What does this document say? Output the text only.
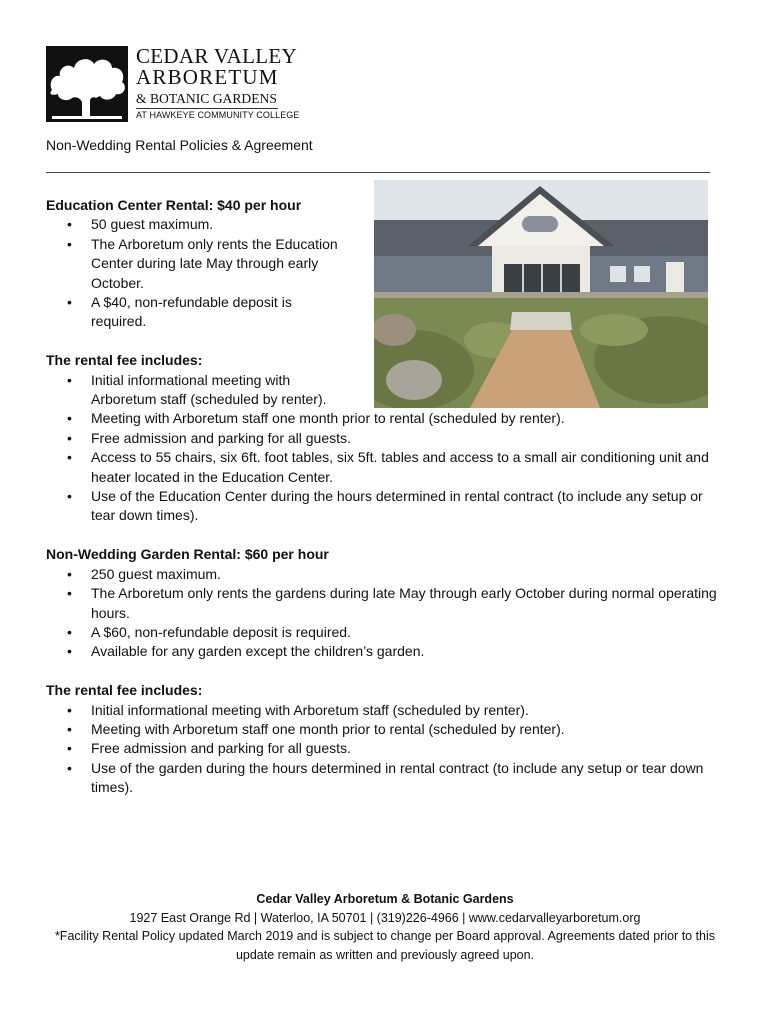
CEDAR VALLEY
ARBORETUM
& BOTANIC GARDENS
AT HAWKEYE COMMUNITY COLLEGE
Non-Wedding Rental Policies & Agreement
Education Center Rental: $40 per hour
• 50 guest maximum.
• The Arboretum only rents the Education Center during late May through early October.
• A $40, non-refundable deposit is required.
The rental fee includes:
• Initial informational meeting with Arboretum staff (scheduled by renter).
• Meeting with Arboretum staff one month prior to rental (scheduled by renter).
• Free admission and parking for all guests.
• Access to 55 chairs, six 6ft. foot tables, six 5ft. tables and access to a small air conditioning unit and heater located in the Education Center.
• Use of the Education Center during the hours determined in rental contract (to include any setup or tear down times).
Non-Wedding Garden Rental: $60 per hour
• 250 guest maximum.
• The Arboretum only rents the gardens during late May through early October during normal operating hours.
• A $60, non-refundable deposit is required.
• Available for any garden except the children’s garden.
The rental fee includes:
• Initial informational meeting with Arboretum staff (scheduled by renter).
• Meeting with Arboretum staff one month prior to rental (scheduled by renter).
• Free admission and parking for all guests.
• Use of the garden during the hours determined in rental contract (to include any setup or tear down times).
Cedar Valley Arboretum & Botanic Gardens
1927 East Orange Rd | Waterloo, IA 50701 | (319)226-4966 | www.cedarvalleyarboretum.org
*Facility Rental Policy updated March 2019 and is subject to change per Board approval. Agreements dated prior to this
update remain as written and previously agreed upon.
